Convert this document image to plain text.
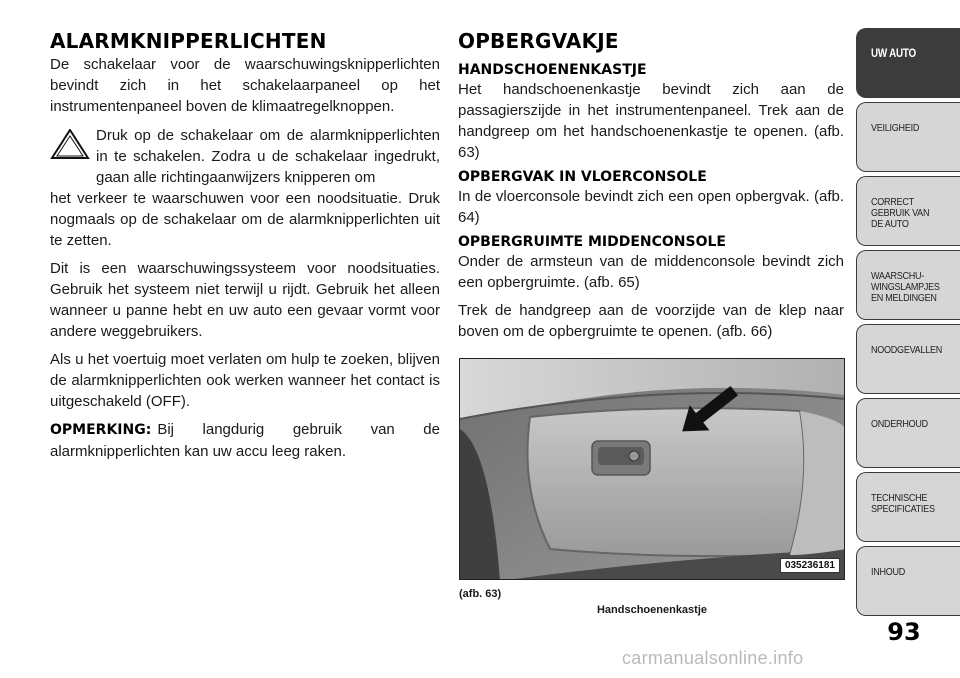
ALARMKNIPPERLICHTEN

De schakelaar voor de waarschuwingsknipperlichten bevindt zich in het schakelaarpaneel op het instrumentenpaneel boven de klimaatregelknoppen.

Druk op de schakelaar om de alarmknipperlichten in te schakelen. Zodra u de schakelaar ingedrukt, gaan alle richtingaanwijzers knipperen om

het verkeer te waarschuwen voor een noodsituatie. Druk nogmaals op de schakelaar om de alarmknipperlichten uit te zetten.

Dit is een waarschuwingssysteem voor noodsituaties. Gebruik het systeem niet terwijl u rijdt. Gebruik het alleen wanneer u panne hebt en uw auto een gevaar vormt voor andere weggebruikers.

Als u het voertuig moet verlaten om hulp te zoeken, blijven de alarmknipperlichten ook werken wanneer het contact is uitgeschakeld (OFF).

OPMERKING: Bij langdurig gebruik van de alarmknipperlichten kan uw accu leeg raken.

OPBERGVAKJE
HANDSCHOENENKASTJE

Het handschoenenkastje bevindt zich aan de passagierszijde in het instrumentenpaneel. Trek aan de handgreep om het handschoenenkastje te openen. (afb. 63)

OPBERGVAK IN VLOERCONSOLE

In de vloerconsole bevindt zich een open opbergvak. (afb. 64)

OPBERGRUIMTE MIDDENCONSOLE

Onder de armsteun van de middenconsole bevindt zich een opbergruimte. (afb. 65)

Trek de handgreep aan de voorzijde van de klep naar boven om de opbergruimte te openen. (afb. 66)

035236181
(afb. 63)
Handschoenenkastje
UW AUTO
VEILIGHEID
CORRECT
GEBRUIK VAN
DE AUTO
WAARSCHU-
WINGSLAMPJES
EN MELDINGEN
NOODGEVALLEN
ONDERHOUD
TECHNISCHE
SPECIFICATIES
INHOUD
93
carmanualsonline.info
